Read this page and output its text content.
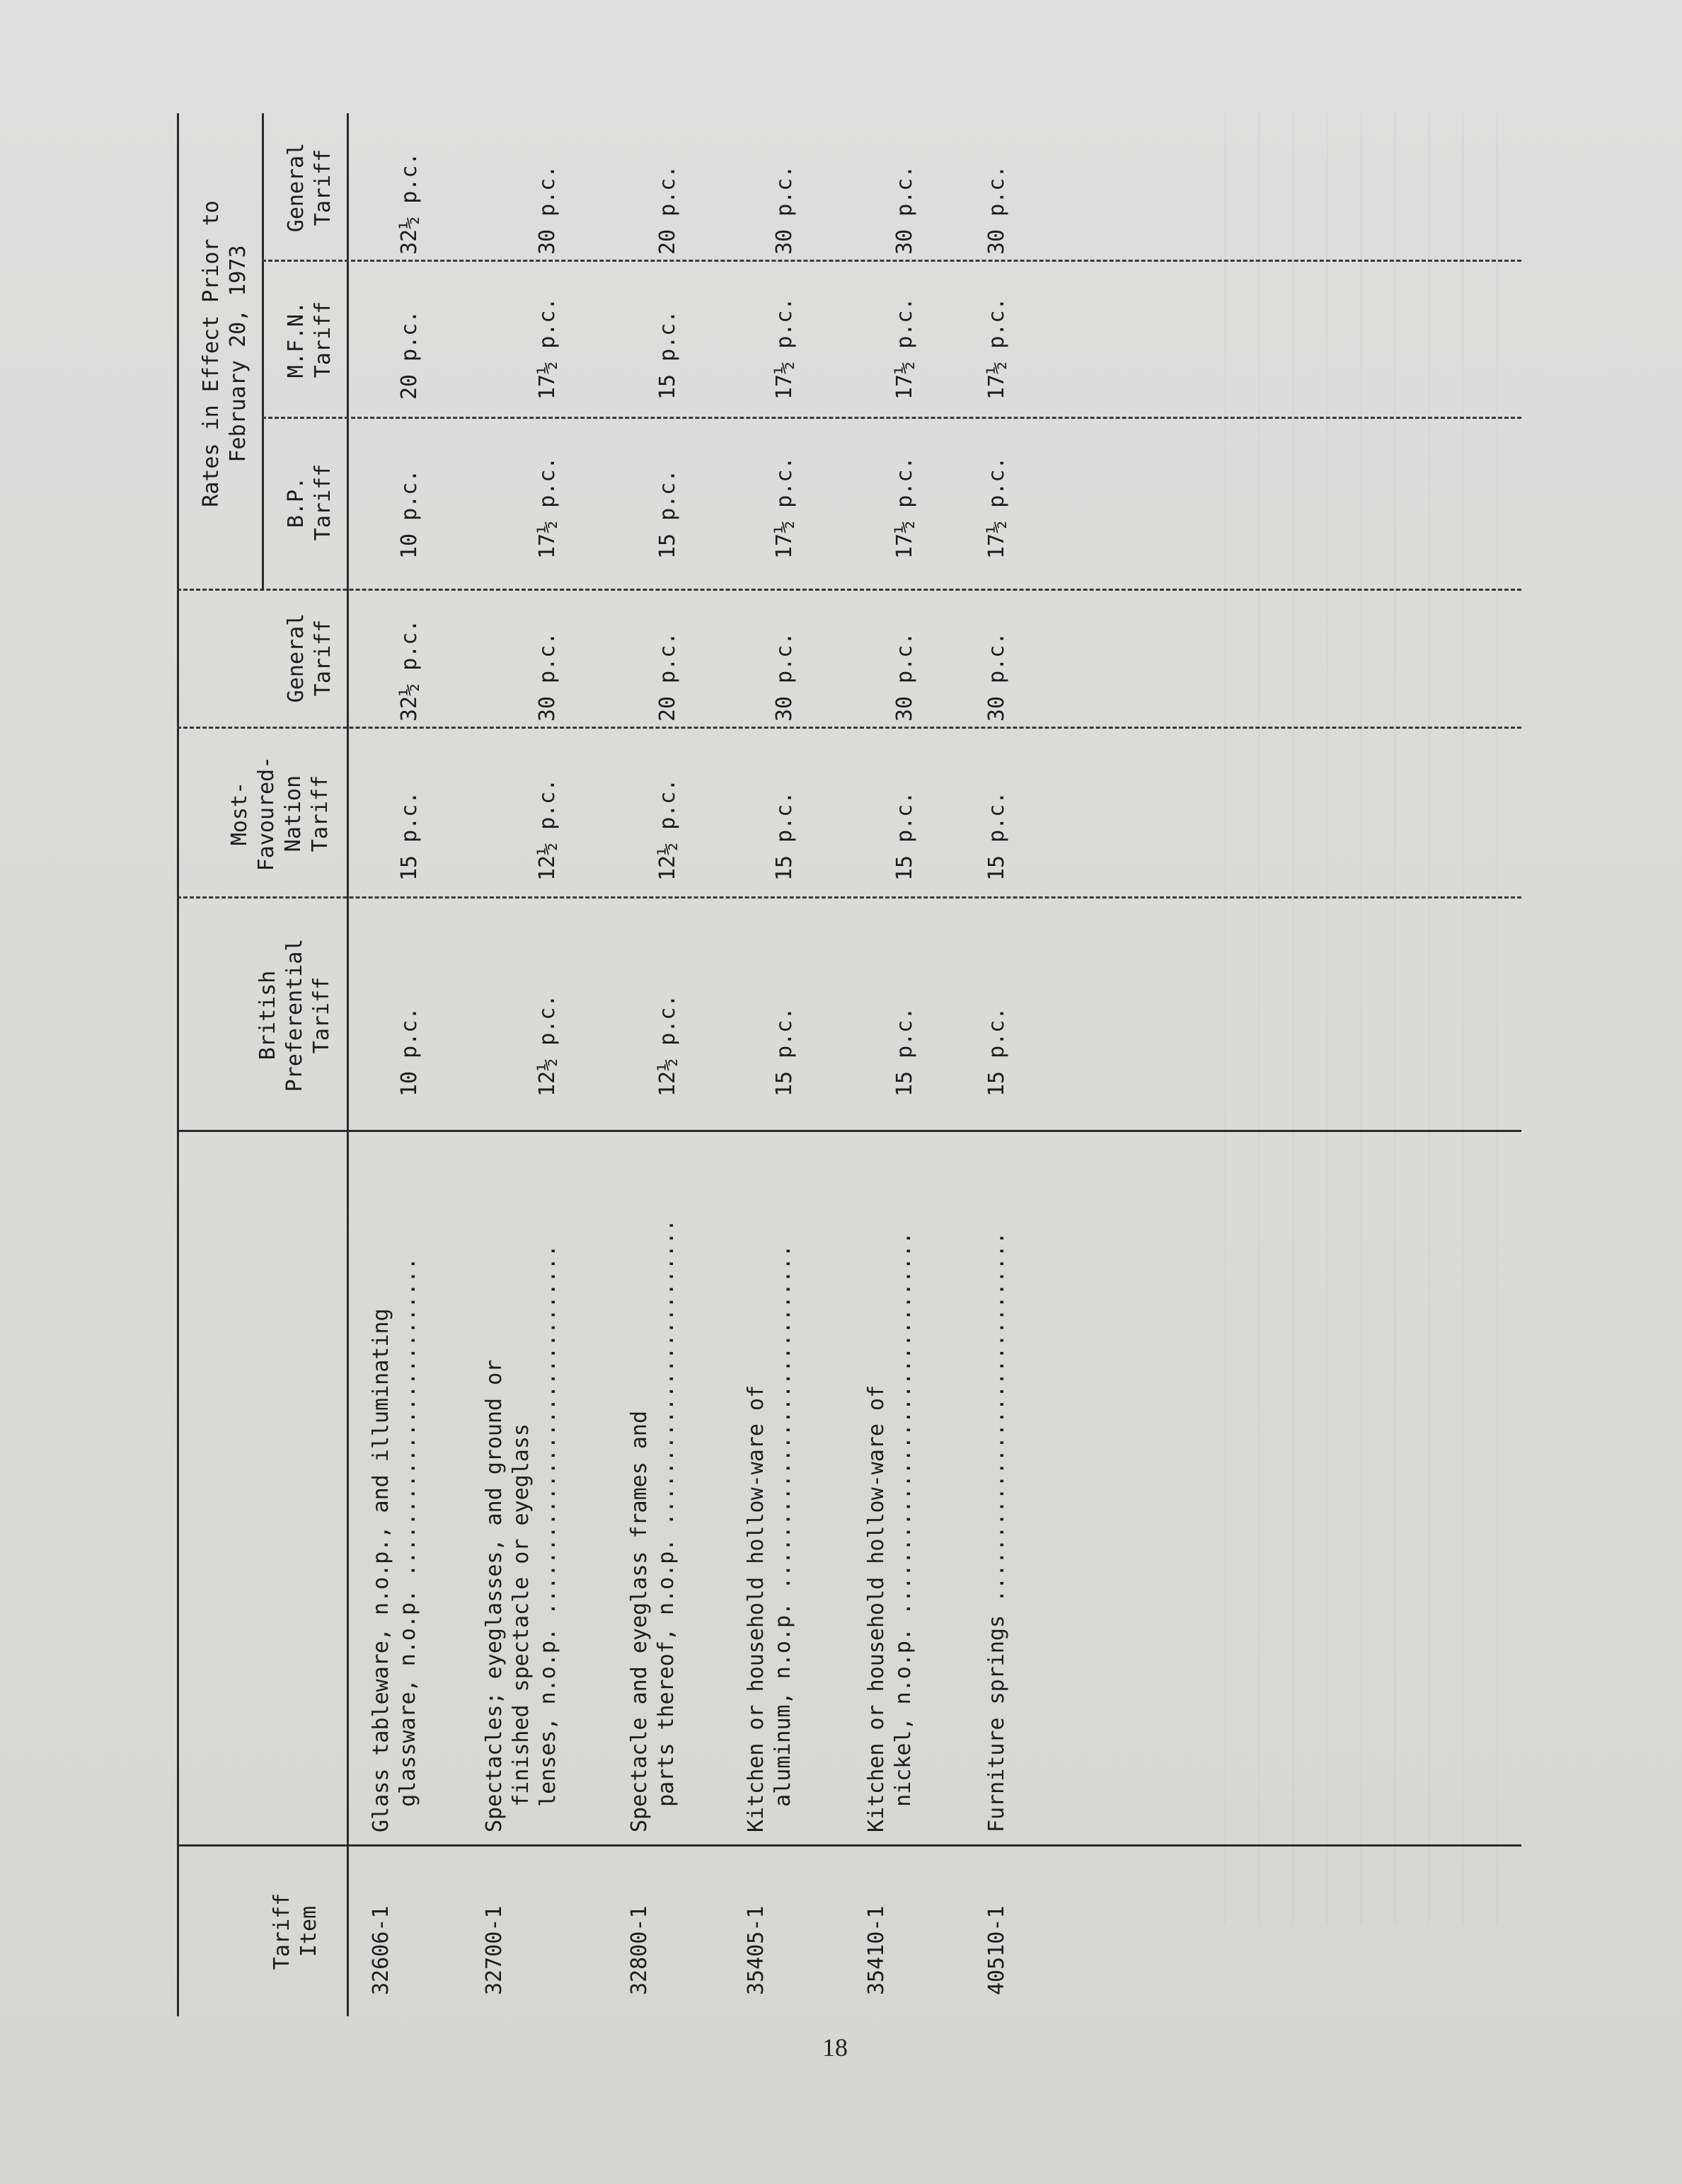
Tariff
Item
British
Preferential
Tariff
Most-
Favoured-
Nation
Tariff
General
Tariff
Rates in Effect Prior to
February 20, 1973
B.P.
Tariff
M.F.N.
Tariff
General
Tariff
32606-1
Glass tableware, n.o.p., and illuminating
glassware, n.o.p. .........................
10 p.c.
15 p.c.
32½ p.c.
10 p.c.
20 p.c.
32½ p.c.
32700-1
Spectacles; eyeglasses, and ground or
finished spectacle or eyeglass
lenses, n.o.p. .............................
12½ p.c.
12½ p.c.
30 p.c.
17½ p.c.
17½ p.c.
30 p.c.
32800-1
Spectacle and eyeglass frames and
parts thereof, n.o.p. ........................
12½ p.c.
12½ p.c.
20 p.c.
15 p.c.
15 p.c.
20 p.c.
35405-1
Kitchen or household hollow-ware of
aluminum, n.o.p. ...........................
15 p.c.
15 p.c.
30 p.c.
17½ p.c.
17½ p.c.
30 p.c.
35410-1
Kitchen or household hollow-ware of
nickel, n.o.p. ..............................
15 p.c.
15 p.c.
30 p.c.
17½ p.c.
17½ p.c.
30 p.c.
40510-1
Furniture springs .............................
15 p.c.
15 p.c.
30 p.c.
17½ p.c.
17½ p.c.
30 p.c.
18
